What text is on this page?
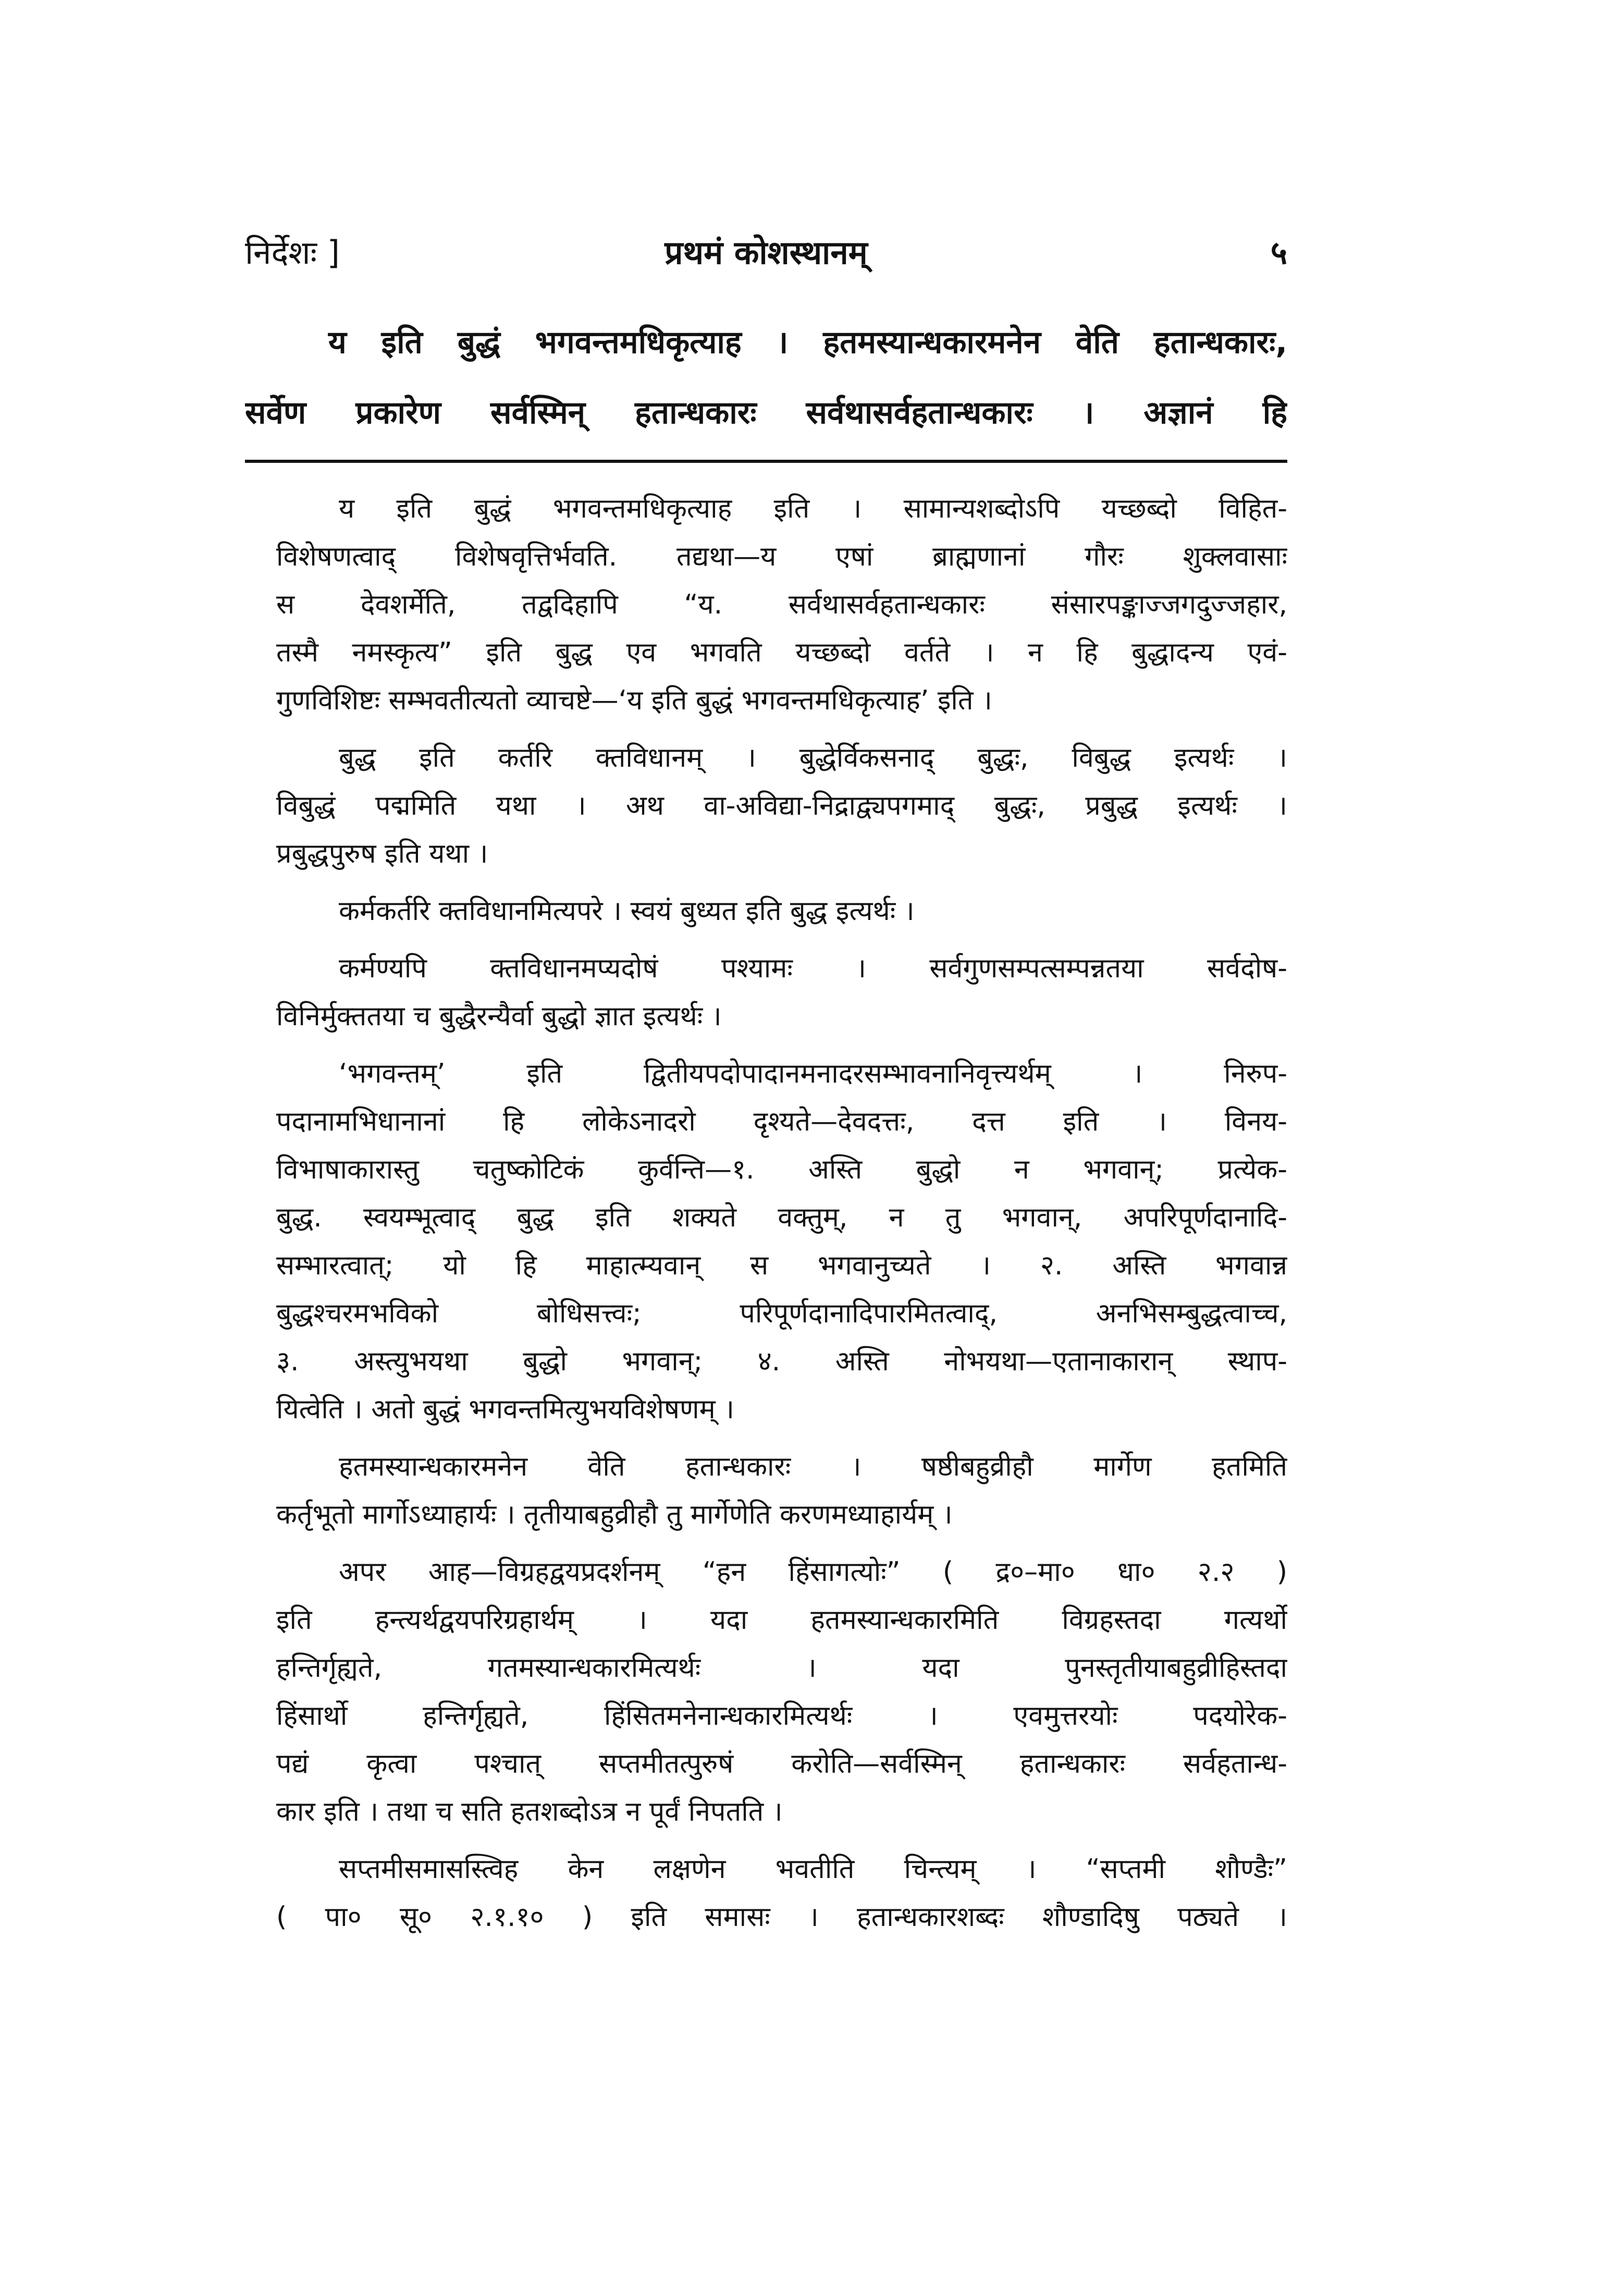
निर्देशः ]	प्रथमं कोशस्थानम्	५
य इति बुद्धं भगवन्तमधिकृत्याह । हतमस्यान्धकारमनेन वेति हतान्धकारः,
सर्वेण प्रकारेण सर्वस्मिन् हतान्धकारः सर्वथासर्वहतान्धकारः । अज्ञानं हि
य इति बुद्धं भगवन्तमधिकृत्याह इति । सामान्यशब्दोऽपि यच्छब्दो विहित-
विशेषणत्वाद् विशेषवृत्तिर्भवति. तद्यथा—य एषां ब्राह्मणानां गौरः शुक्लवासाः
स देवशर्मेति, तद्वदिहापि “य. सर्वथासर्वहतान्धकारः संसारपङ्काज्जगदुज्जहार,
तस्मै नमस्कृत्य” इति बुद्ध एव भगवति यच्छब्दो वर्तते । न हि बुद्धादन्य एवं-
गुणविशिष्टः सम्भवतीत्यतो व्याचष्टे—‘य इति बुद्धं भगवन्तमधिकृत्याह’ इति ।
बुद्ध इति कर्तरि क्तविधानम् । बुद्धेर्विकसनाद् बुद्धः, विबुद्ध इत्यर्थः ।
विबुद्धं पद्ममिति यथा । अथ वा-अविद्या-निद्राद्व्यपगमाद् बुद्धः, प्रबुद्ध इत्यर्थः ।
प्रबुद्धपुरुष इति यथा ।
कर्मकर्तरि क्तविधानमित्यपरे । स्वयं बुध्यत इति बुद्ध इत्यर्थः ।
कर्मण्यपि क्तविधानमप्यदोषं पश्यामः । सर्वगुणसम्पत्सम्पन्नतया सर्वदोष-
विनिर्मुक्ततया च बुद्धैरन्यैर्वा बुद्धो ज्ञात इत्यर्थः ।
‘भगवन्तम्’ इति द्वितीयपदोपादानमनादरसम्भावनानिवृत्त्यर्थम् । निरुप-
पदानामभिधानानां हि लोकेऽनादरो दृश्यते—देवदत्तः, दत्त इति । विनय-
विभाषाकारास्तु चतुष्कोटिकं कुर्वन्ति—१. अस्ति बुद्धो न भगवान्; प्रत्येक-
बुद्ध. स्वयम्भूत्वाद् बुद्ध इति शक्यते वक्तुम्, न तु भगवान्, अपरिपूर्णदानादि-
सम्भारत्वात्; यो हि माहात्म्यवान् स भगवानुच्यते । २. अस्ति भगवान्न
बुद्धश्चरमभविको बोधिसत्त्वः; परिपूर्णदानादिपारमितत्वाद्, अनभिसम्बुद्धत्वाच्च,
३. अस्त्युभयथा बुद्धो भगवान्; ४. अस्ति नोभयथा—एतानाकारान् स्थाप-
यित्वेति । अतो बुद्धं भगवन्तमित्युभयविशेषणम् ।
हतमस्यान्धकारमनेन वेति हतान्धकारः । षष्ठीबहुव्रीहौ मार्गेण हतमिति
कर्तृभूतो मार्गोऽध्याहार्यः । तृतीयाबहुव्रीहौ तु मार्गेणेति करणमध्याहार्यम् ।
अपर आह—विग्रहद्वयप्रदर्शनम् “हन हिंसागत्योः” ( द्र०–मा० धा० २.२ )
इति हन्त्यर्थद्वयपरिग्रहार्थम् । यदा हतमस्यान्धकारमिति विग्रहस्तदा गत्यर्थो
हन्तिर्गृह्यते, गतमस्यान्धकारमित्यर्थः । यदा पुनस्तृतीयाबहुव्रीहिस्तदा
हिंसार्थो हन्तिर्गृह्यते, हिंसितमनेनान्धकारमित्यर्थः । एवमुत्तरयोः पदयोरेक-
पद्यं कृत्वा पश्चात् सप्तमीतत्पुरुषं करोति—सर्वस्मिन् हतान्धकारः सर्वहतान्ध-
कार इति । तथा च सति हतशब्दोऽत्र न पूर्वं निपतति ।
सप्तमीसमासस्त्विह केन लक्षणेन भवतीति चिन्त्यम् । “सप्तमी शौण्डैः”
( पा० सू० २.१.१० ) इति समासः । हतान्धकारशब्दः शौण्डादिषु पठ्यते ।
